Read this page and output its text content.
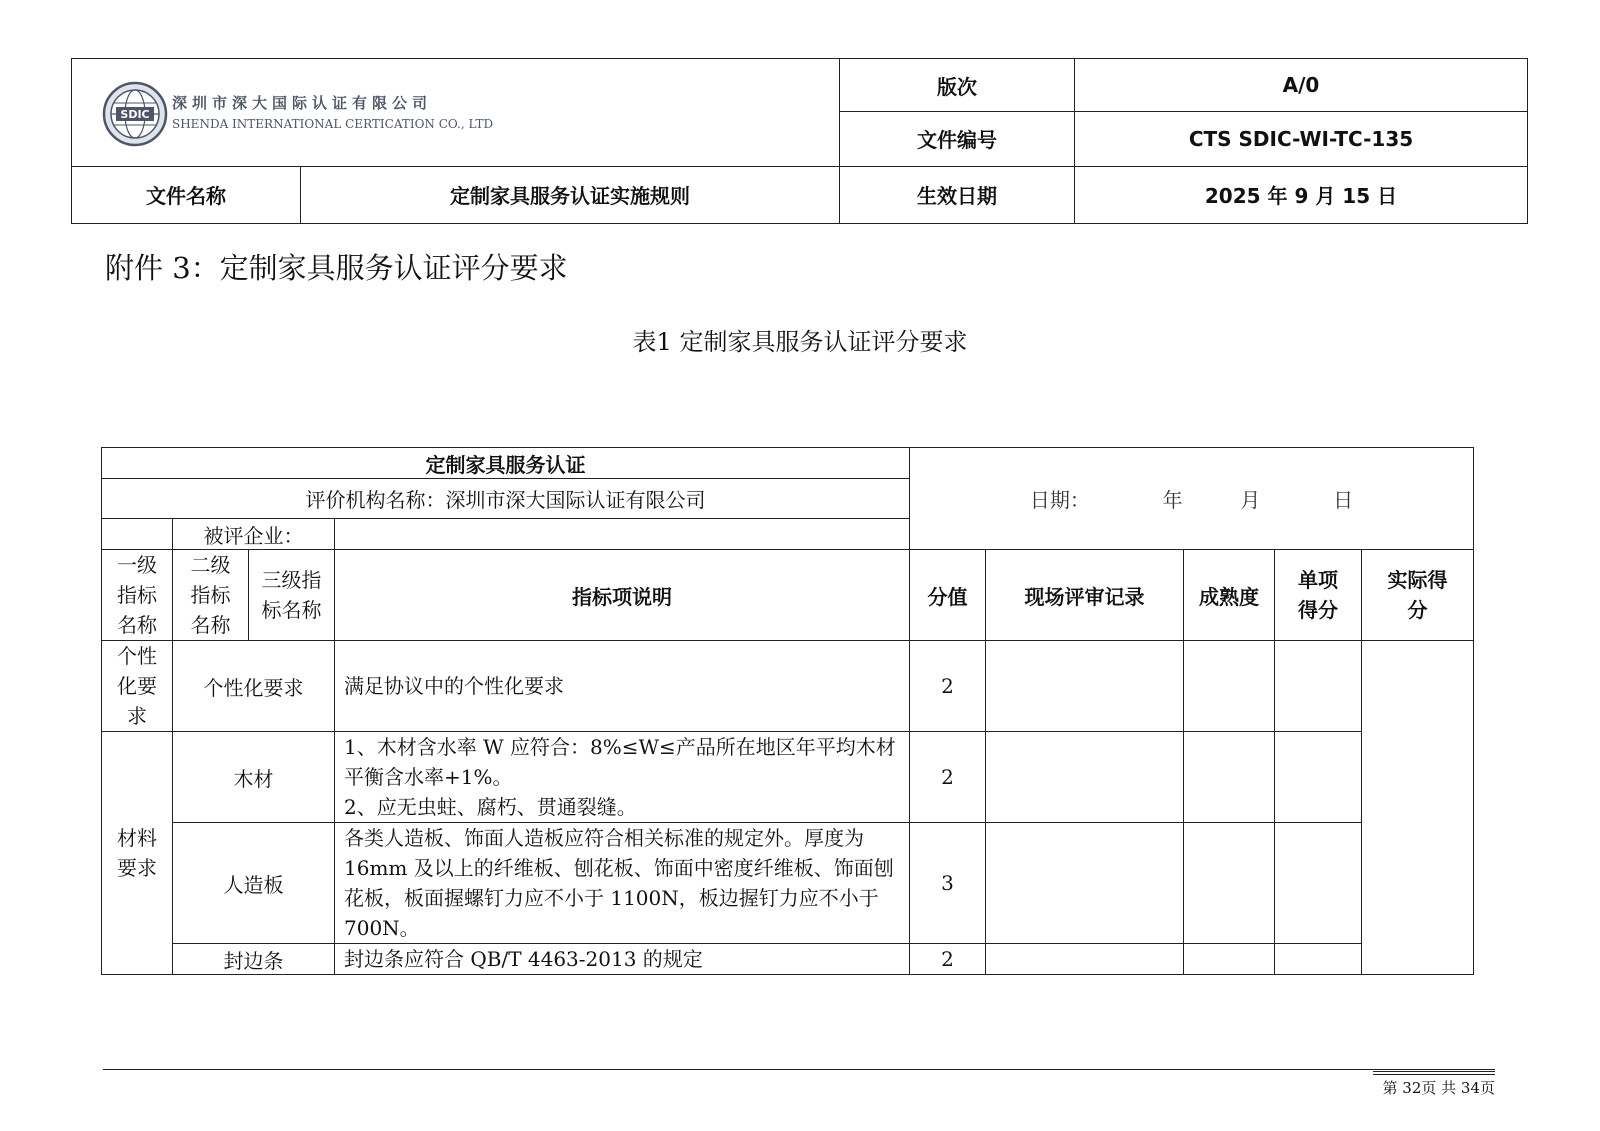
SDIC
深圳市深大国际认证有限公司
SHENDA INTERNATIONAL CERTICATION CO., LTD		版次	A/0
		文件编号	CTS SDIC-WI-TC-135
文件名称	定制家具服务认证实施规则	生效日期	2025 年 9 月 15 日
附件 3：定制家具服务认证评分要求
表1 定制家具服务认证评分要求
定制家具服务认证				日期： 年 月 日				
评价机构名称：深圳市深大国际认证有限公司								
	被评企业：							
一级指标名称	二级指标名称	三级指标名称	指标项说明	分值	现场评审记录	成熟度	单项得分	实际得分
个性化要求	个性化要求		满足协议中的个性化要求	2				
材料要求	木材		1、木材含水率 W 应符合：8%≤W≤产品所在地区年平均木材平衡含水率+1%。
2、应无虫蛀、腐朽、贯通裂缝。	2				
	人造板		各类人造板、饰面人造板应符合相关标准的规定外。厚度为16mm 及以上的纤维板、刨花板、饰面中密度纤维板、饰面刨花板，板面握螺钉力应不小于 1100N，板边握钉力应不小于700N。	3				
	封边条		封边条应符合 QB/T 4463-2013 的规定	2				
第 32页 共 34页
